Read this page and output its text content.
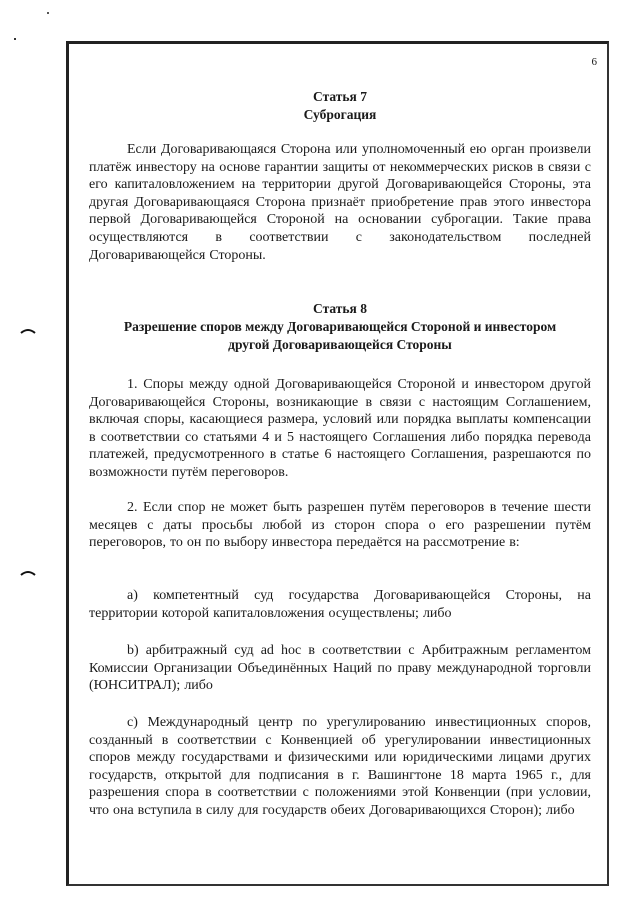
6
Статья 7
Суброгация

Если Договаривающаяся Сторона или уполномоченный ею орган произвели платёж инвестору на основе гарантии защиты от некоммерческих рисков в связи с его капиталовложением на территории другой Договаривающейся Стороны, эта другая Договаривающаяся Сторона признаёт приобретение прав этого инвестора первой Договаривающейся Стороной на основании суброгации. Такие права осуществляются в соответствии с законодательством последней Договаривающейся Стороны.

Статья 8
Разрешение споров между Договаривающейся Стороной и инвестором
другой Договаривающейся Стороны

1. Споры между одной Договаривающейся Стороной и инвестором другой Договаривающейся Стороны, возникающие в связи с настоящим Соглашением, включая споры, касающиеся размера, условий или порядка выплаты компенсации в соответствии со статьями 4 и 5 настоящего Соглашения либо порядка перевода платежей, предусмотренного в статье 6 настоящего Соглашения, разрешаются по возможности путём переговоров.

2. Если спор не может быть разрешен путём переговоров в течение шести месяцев с даты просьбы любой из сторон спора о его разрешении путём переговоров, то он по выбору инвестора передаётся на рассмотрение в:

a) компетентный суд государства Договаривающейся Стороны, на территории которой капиталовложения осуществлены; либо

b) арбитражный суд ad hoc в соответствии с Арбитражным регламентом Комиссии Организации Объединённых Наций по праву международной торговли (ЮНСИТРАЛ); либо

c) Международный центр по урегулированию инвестиционных споров, созданный в соответствии с Конвенцией об урегулировании инвестиционных споров между государствами и физическими или юридическими лицами других государств, открытой для подписания в г. Вашингтоне 18 марта 1965 г., для разрешения спора в соответствии с положениями этой Конвенции (при условии, что она вступила в силу для государств обеих Договаривающихся Сторон); либо
